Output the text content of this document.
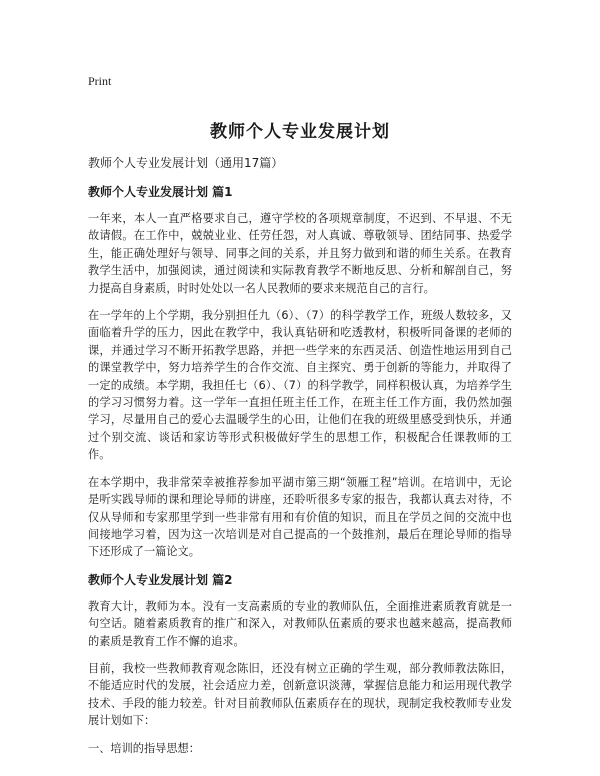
Print
教师个人专业发展计划
教师个人专业发展计划（通用17篇）
教师个人专业发展计划 篇1

一年来，本人一直严格要求自己，遵守学校的各项规章制度，不迟到、不早退、不无故请假。在工作中，兢兢业业、任劳任怨，对人真诚、尊敬领导、团结同事、热爱学生，能正确处理好与领导、同事之间的关系，并且努力做到和谐的师生关系。在教育教学生活中，加强阅读，通过阅读和实际教育教学不断地反思、分析和解剖自己，努力提高自身素质，时时处处以一名人民教师的要求来规范自己的言行。

在一学年的上个学期，我分别担任九（6）、（7）的科学教学工作，班级人数较多，又面临着升学的压力，因此在教学中，我认真钻研和吃透教材，积极听同备课的老师的课，并通过学习不断开拓教学思路，并把一些学来的东西灵活、创造性地运用到自己的课堂教学中，努力培养学生的合作交流、自主探究、勇于创新的等能力，并取得了一定的成绩。本学期，我担任七（6）、（7）的科学教学，同样积极认真，为培养学生的学习习惯努力着。这一学年一直担任班主任工作，在班主任工作方面，我仍然加强学习，尽量用自己的爱心去温暖学生的心田，让他们在我的班级里感受到快乐，并通过个别交流、谈话和家访等形式积极做好学生的思想工作，积极配合任课教师的工作。

在本学期中，我非常荣幸被推荐参加平湖市第三期“领雁工程”培训。在培训中，无论是听实践导师的课和理论导师的讲座，还聆听很多专家的报告，我都认真去对待，不仅从导师和专家那里学到一些非常有用和有价值的知识，而且在学员之间的交流中也间接地学习着，因为这一次培训是对自己提高的一个鼓推剂，最后在理论导师的指导下还形成了一篇论文。

教师个人专业发展计划 篇2

教育大计，教师为本。没有一支高素质的专业的教师队伍，全面推进素质教育就是一句空话。随着素质教育的推广和深入，对教师队伍素质的要求也越来越高，提高教师的素质是教育工作不懈的追求。

目前，我校一些教师教育观念陈旧，还没有树立正确的学生观，部分教师教法陈旧，不能适应时代的发展，社会适应力差，创新意识淡薄，掌握信息能力和运用现代教学技术、手段的能力较差。针对目前教师队伍素质存在的现状，现制定我校教师专业发展计划如下：

一、培训的指导思想：
